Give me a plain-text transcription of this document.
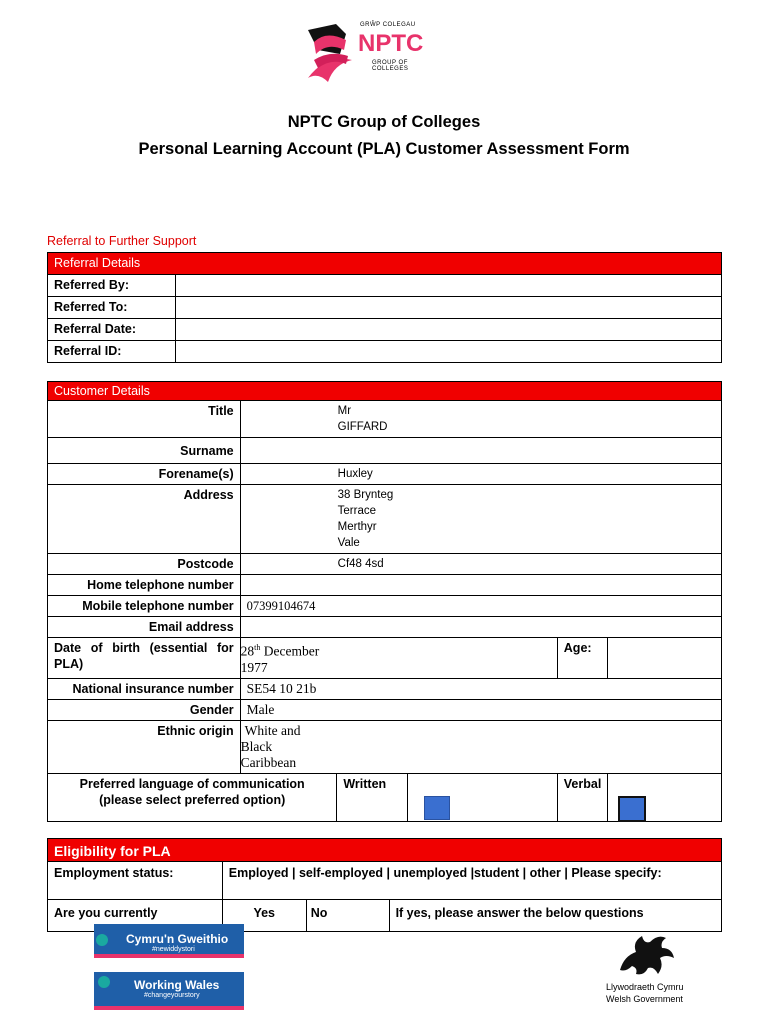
GRŴP COLEGAU
NPTC
GROUP OF COLLEGES
NPTC Group of Colleges
Personal Learning Account (PLA) Customer Assessment Form
Referral to Further Support
Referral Details	
Referred By:	
Referred To:	
Referral Date:	
Referral ID:	
Customer Details					
Title	Mr
GIFFARD				

Surname					
Forename(s)	Huxley				
Address	38 Brynteg
Terrace
Merthyr
Vale				

Postcode	Cf48 4sd				
Home telephone number					
Mobile telephone number	07399104674				
Email address					
Date of birth (essential for PLA)	28th December
1977			Age:	
National insurance number	SE54 10 21b				
Gender	Male				
Ethnic origin	White and
Black
Caribbean				

Preferred language of communication
(please select preferred option)		Written		Verbal	
Eligibility for PLA			
Employment status:	Employed | self-employed | unemployed |student | other | Please specify:		
Are you currently	Yes	No	If yes, please answer the below questions
Cymru'n Gweithio
#newiddystori
Working Wales
#changeyourstory
Llywodraeth Cymru
Welsh Government
